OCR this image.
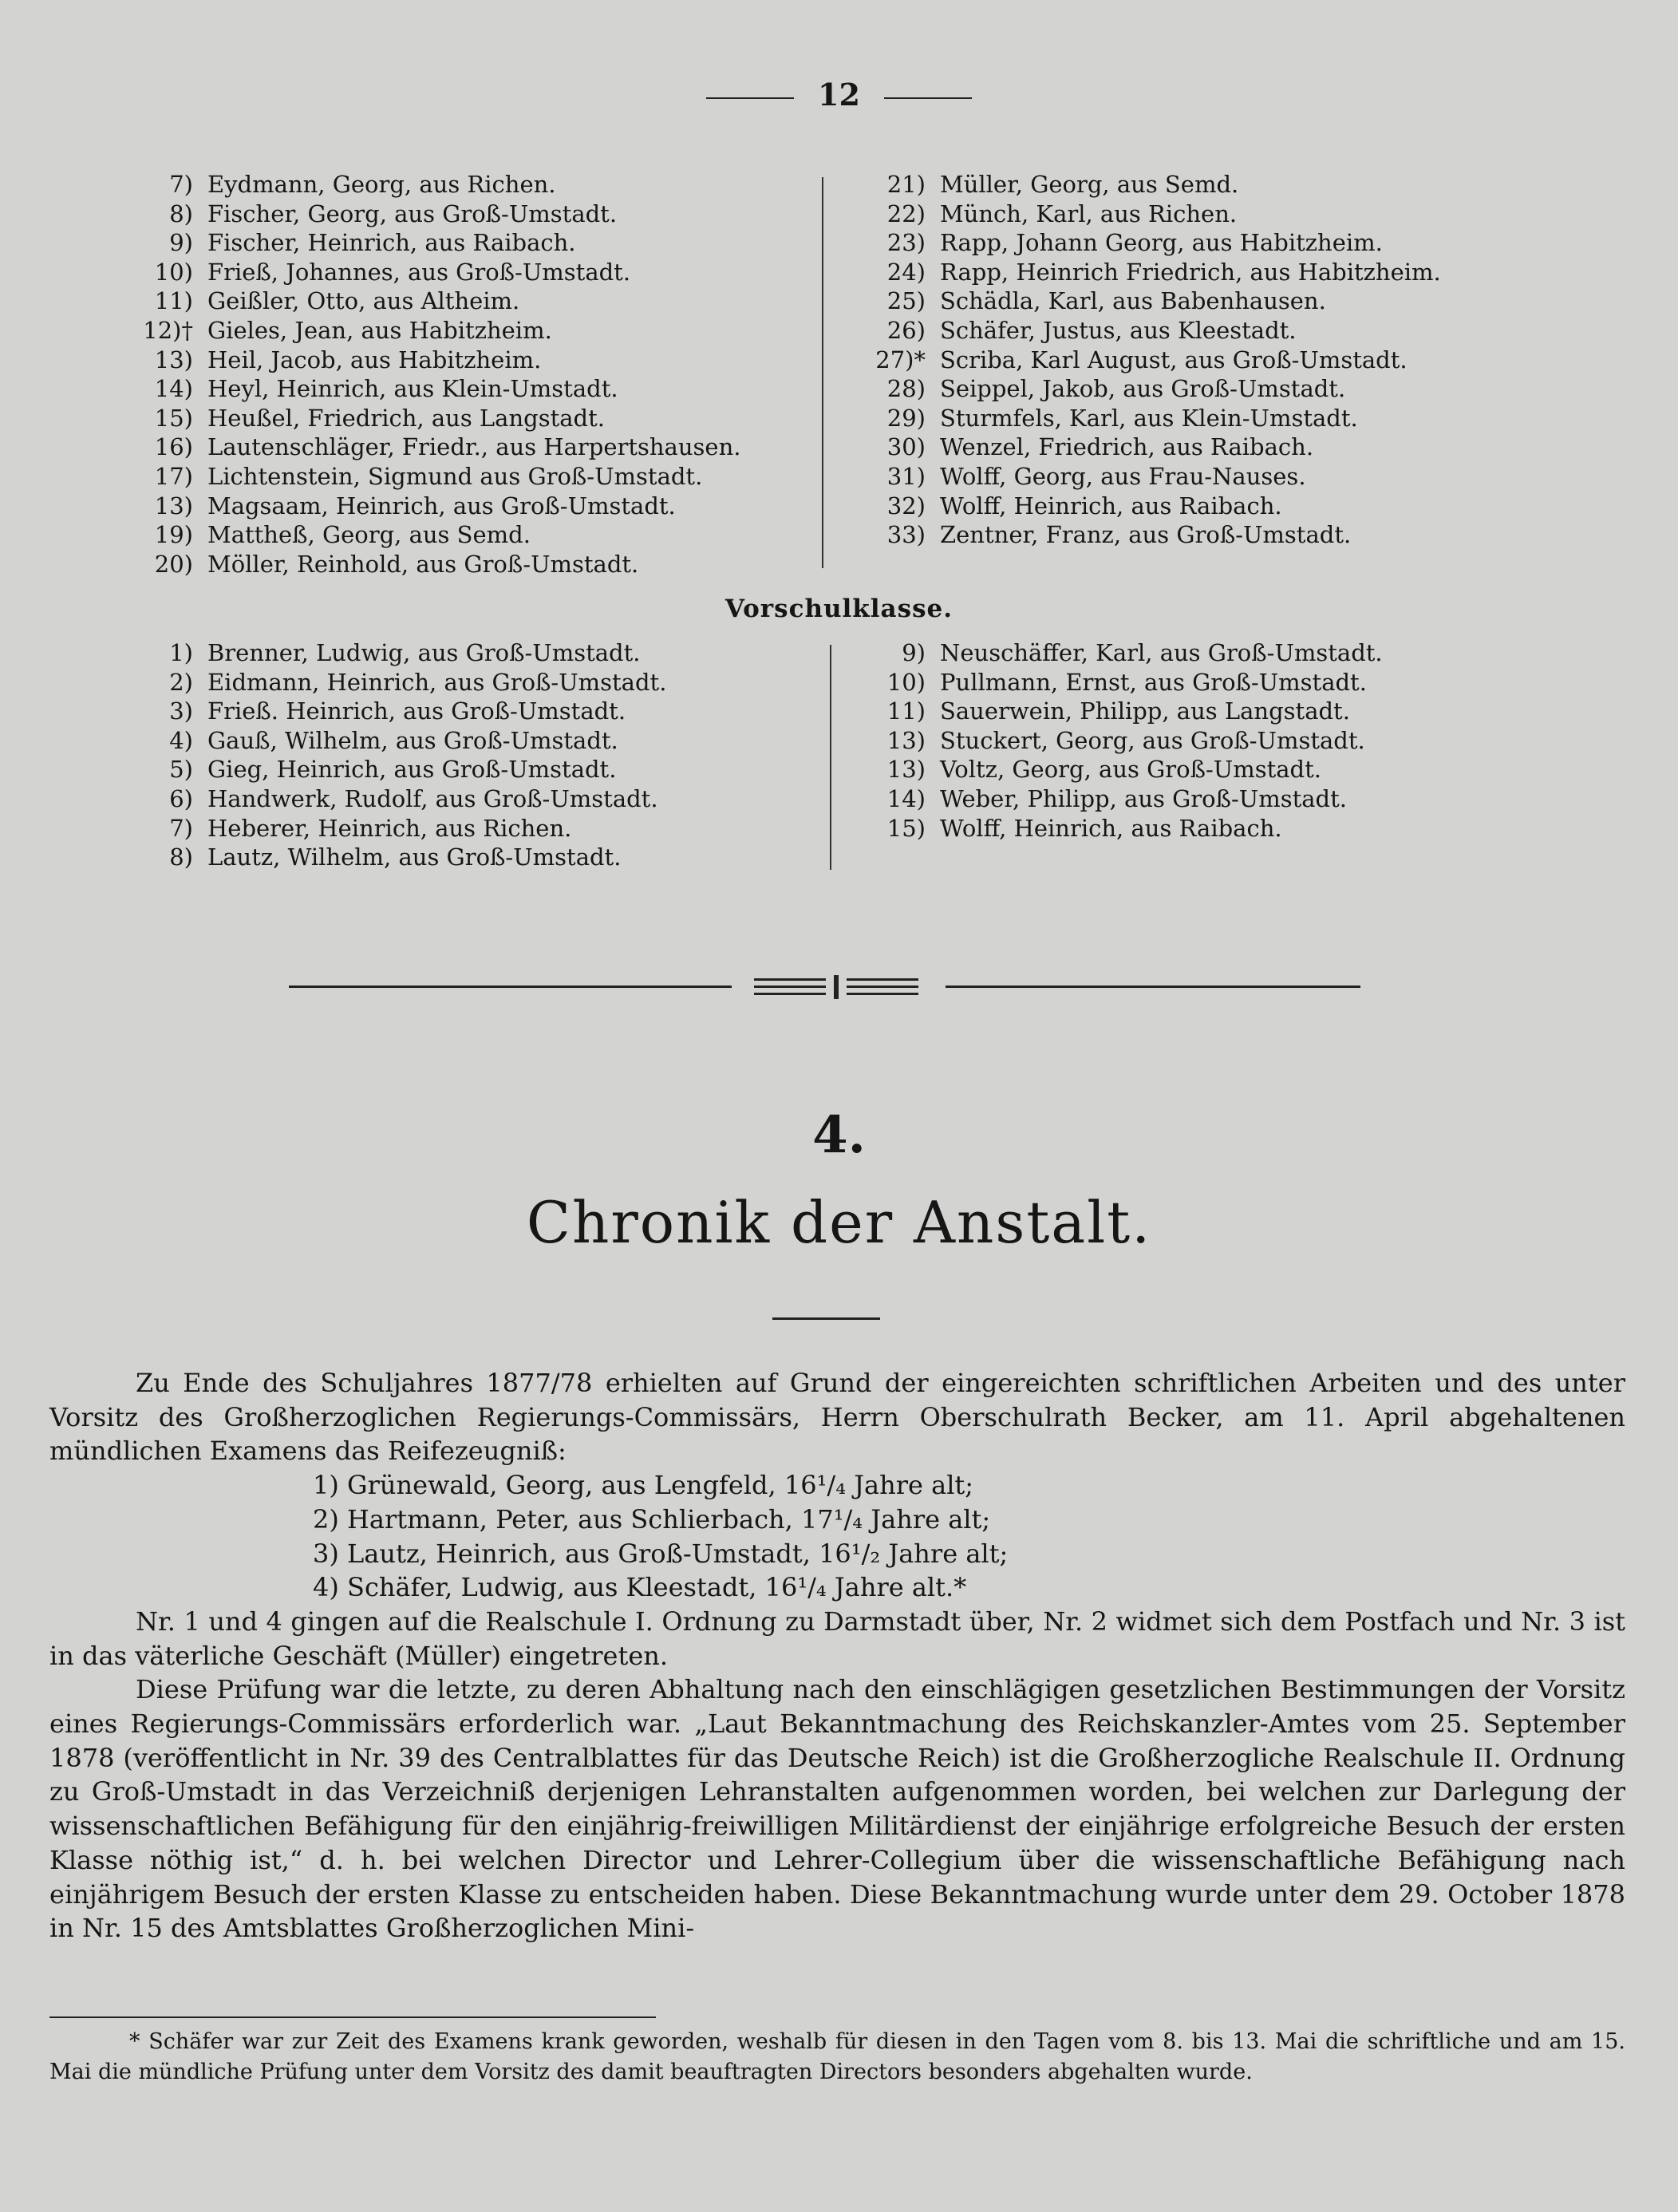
12
7) Eydmann, Georg, aus Richen.
8) Fischer, Georg, aus Groß-Umstadt.
9) Fischer, Heinrich, aus Raibach.
10) Frieß, Johannes, aus Groß-Umstadt.
11) Geißler, Otto, aus Altheim.
12)† Gieles, Jean, aus Habitzheim.
13) Heil, Jacob, aus Habitzheim.
14) Heyl, Heinrich, aus Klein-Umstadt.
15) Heußel, Friedrich, aus Langstadt.
16) Lautenschläger, Friedr., aus Harpertshausen.
17) Lichtenstein, Sigmund aus Groß-Umstadt.
13) Magsaam, Heinrich, aus Groß-Umstadt.
19) Mattheß, Georg, aus Semd.
20) Möller, Reinhold, aus Groß-Umstadt.
21) Müller, Georg, aus Semd.
22) Münch, Karl, aus Richen.
23) Rapp, Johann Georg, aus Habitzheim.
24) Rapp, Heinrich Friedrich, aus Habitzheim.
25) Schädla, Karl, aus Babenhausen.
26) Schäfer, Justus, aus Kleestadt.
27)* Scriba, Karl August, aus Groß-Umstadt.
28) Seippel, Jakob, aus Groß-Umstadt.
29) Sturmfels, Karl, aus Klein-Umstadt.
30) Wenzel, Friedrich, aus Raibach.
31) Wolff, Georg, aus Frau-Nauses.
32) Wolff, Heinrich, aus Raibach.
33) Zentner, Franz, aus Groß-Umstadt.
Vorschulklasse.
1) Brenner, Ludwig, aus Groß-Umstadt.
2) Eidmann, Heinrich, aus Groß-Umstadt.
3) Frieß. Heinrich, aus Groß-Umstadt.
4) Gauß, Wilhelm, aus Groß-Umstadt.
5) Gieg, Heinrich, aus Groß-Umstadt.
6) Handwerk, Rudolf, aus Groß-Umstadt.
7) Heberer, Heinrich, aus Richen.
8) Lautz, Wilhelm, aus Groß-Umstadt.
9) Neuschäffer, Karl, aus Groß-Umstadt.
10) Pullmann, Ernst, aus Groß-Umstadt.
11) Sauerwein, Philipp, aus Langstadt.
13) Stuckert, Georg, aus Groß-Umstadt.
13) Voltz, Georg, aus Groß-Umstadt.
14) Weber, Philipp, aus Groß-Umstadt.
15) Wolff, Heinrich, aus Raibach.
4.
Chronik der Anstalt.

Zu Ende des Schuljahres 1877/78 erhielten auf Grund der eingereichten schriftlichen Arbeiten und des unter Vorsitz des Großherzoglichen Regierungs-Commissärs, Herrn Oberschulrath Becker, am 11. April abgehaltenen mündlichen Examens das Reifezeugniß:

1) Grünewald, Georg, aus Lengfeld, 16¹/₄ Jahre alt;
2) Hartmann, Peter, aus Schlierbach, 17¹/₄ Jahre alt;
3) Lautz, Heinrich, aus Groß-Umstadt, 16¹/₂ Jahre alt;
4) Schäfer, Ludwig, aus Kleestadt, 16¹/₄ Jahre alt.*

Nr. 1 und 4 gingen auf die Realschule I. Ordnung zu Darmstadt über, Nr. 2 widmet sich dem Postfach und Nr. 3 ist in das väterliche Geschäft (Müller) eingetreten.

Diese Prüfung war die letzte, zu deren Abhaltung nach den einschlägigen gesetzlichen Bestimmungen der Vorsitz eines Regierungs-Commissärs erforderlich war. „Laut Bekanntmachung des Reichskanzler-Amtes vom 25. September 1878 (veröffentlicht in Nr. 39 des Centralblattes für das Deutsche Reich) ist die Großherzogliche Realschule II. Ordnung zu Groß-Umstadt in das Verzeichniß derjenigen Lehranstalten aufgenommen worden, bei welchen zur Darlegung der wissenschaftlichen Befähigung für den einjährig-freiwilligen Militärdienst der einjährige erfolgreiche Besuch der ersten Klasse nöthig ist,“ d. h. bei welchen Director und Lehrer-Collegium über die wissenschaftliche Befähigung nach einjährigem Besuch der ersten Klasse zu entscheiden haben. Diese Bekanntmachung wurde unter dem 29. October 1878 in Nr. 15 des Amtsblattes Großherzoglichen Mini-

* Schäfer war zur Zeit des Examens krank geworden, weshalb für diesen in den Tagen vom 8. bis 13. Mai die schriftliche und am 15. Mai die mündliche Prüfung unter dem Vorsitz des damit beauftragten Directors besonders abgehalten wurde.
